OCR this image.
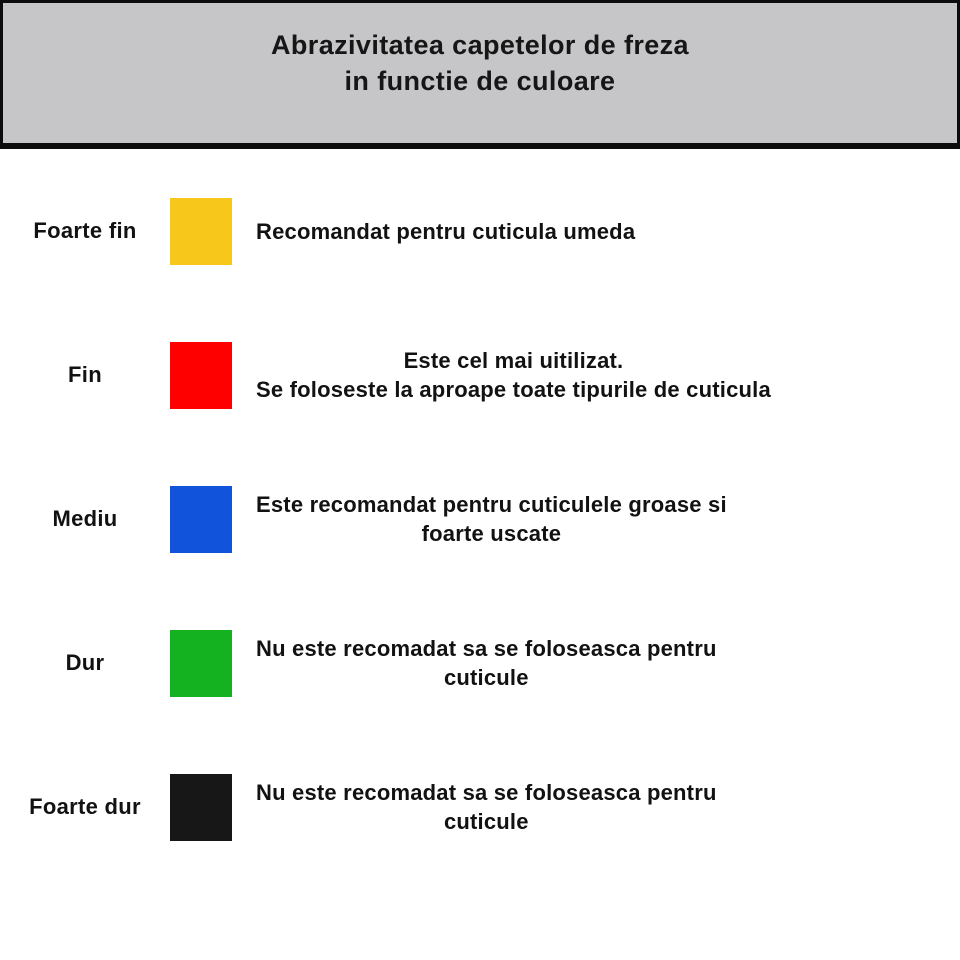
Abrazivitatea capetelor de freza
in functie de culoare
Foarte fin	Recomandat pentru cuticula umeda
Fin
Este cel mai uitilizat.
Se foloseste la aproape toate tipurile de cuticula
Mediu
Este recomandat pentru cuticulele groase si
foarte uscate
Dur
Nu este recomadat sa se foloseasca pentru
cuticule
Foarte dur
Nu este recomadat sa se foloseasca pentru
cuticule
